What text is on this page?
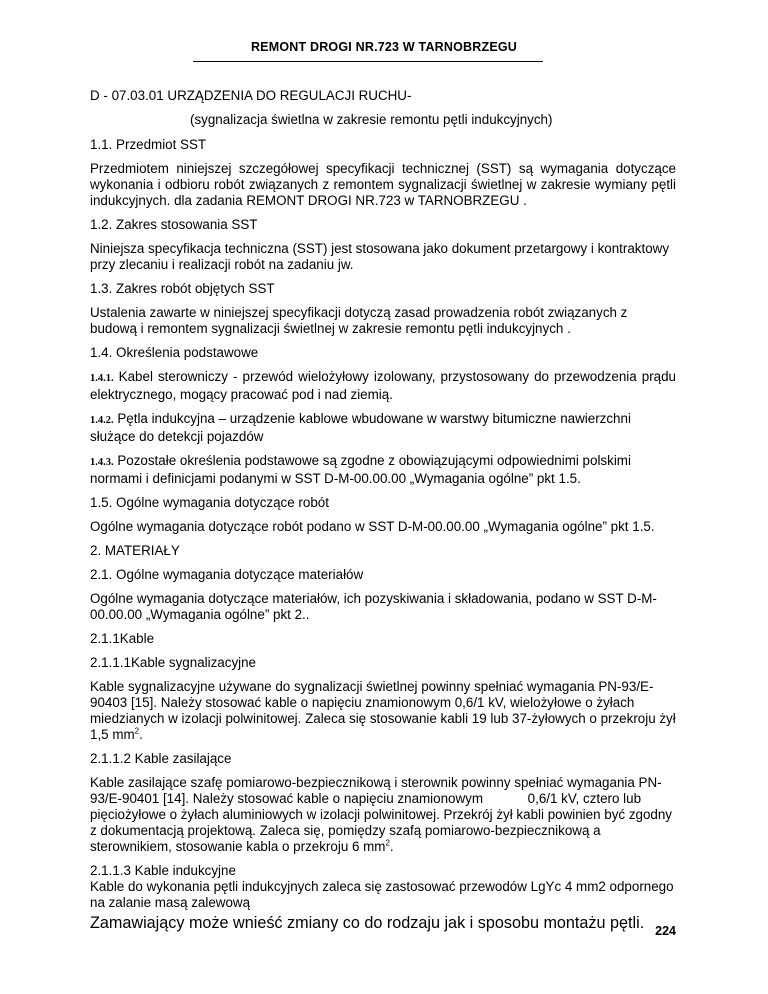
REMONT DROGI NR.723 W TARNOBRZEGU

D - 07.03.01 URZĄDZENIA DO REGULACJI RUCHU-

(sygnalizacja świetlna w zakresie remontu pętli indukcyjnych)

1.1. Przedmiot SST

Przedmiotem niniejszej szczegółowej specyfikacji technicznej (SST) są wymagania dotyczące wykonania i odbioru robót związanych z remontem sygnalizacji świetlnej w zakresie wymiany pętli indukcyjnych. dla zadania REMONT DROGI NR.723 w TARNOBRZEGU .

1.2. Zakres stosowania SST

Niniejsza specyfikacja techniczna (SST) jest stosowana jako dokument przetargowy i kontraktowy przy zlecaniu i realizacji robót na zadaniu jw.

1.3. Zakres robót objętych SST

Ustalenia zawarte w niniejszej specyfikacji dotyczą zasad prowadzenia robót związanych z budową i remontem sygnalizacji świetlnej w zakresie remontu pętli indukcyjnych .

1.4. Określenia podstawowe

1.4.1. Kabel sterowniczy - przewód wielożyłowy izolowany, przystosowany do przewodzenia prądu elektrycznego, mogący pracować pod i nad ziemią.

1.4.2. Pętla indukcyjna – urządzenie kablowe wbudowane w warstwy bitumiczne nawierzchni służące do detekcji pojazdów

1.4.3. Pozostałe określenia podstawowe są zgodne z obowiązującymi odpowiednimi polskimi normami i definicjami podanymi w SST D-M-00.00.00 „Wymagania ogólne” pkt 1.5.

1.5. Ogólne wymagania dotyczące robót

Ogólne wymagania dotyczące robót podano w SST D-M-00.00.00 „Wymagania ogólne” pkt 1.5.

2. MATERIAŁY

2.1. Ogólne wymagania dotyczące materiałów

Ogólne wymagania dotyczące materiałów, ich pozyskiwania i składowania, podano w SST D-M-00.00.00 „Wymagania ogólne” pkt 2..

2.1.1Kable

2.1.1.1Kable sygnalizacyjne

Kable sygnalizacyjne używane do sygnalizacji świetlnej powinny spełniać wymagania PN-93/E-90403 [15]. Należy stosować kable o napięciu znamionowym 0,6/1 kV, wielożyłowe o żyłach miedzianych w izolacji polwinitowej. Zaleca się stosowanie kabli 19 lub 37-żyłowych o przekroju żył 1,5 $mm^2$.

2.1.1.2 Kable zasilające

Kable zasilające szafę pomiarowo-bezpiecznikową i sterownik powinny spełniać wymagania PN-93/E-90401 [14]. Należy stosować kable o napięciu znamionowym            0,6/1 kV, cztero lub pięciożyłowe o żyłach aluminiowych w izolacji polwinitowej. Przekrój żył kabli powinien być zgodny z dokumentacją projektową. Zaleca się, pomiędzy szafą pomiarowo-bezpiecznikową a sterownikiem, stosowanie kabla o przekroju 6 $mm^2$.

2.1.1.3 Kable indukcyjne

Kable do wykonania pętli indukcyjnych zaleca się zastosować przewodów LgYc 4 mm2 odpornego na zalanie masą zalewową

Zamawiający może wnieść zmiany co do rodzaju jak i sposobu montażu pętli. 224
